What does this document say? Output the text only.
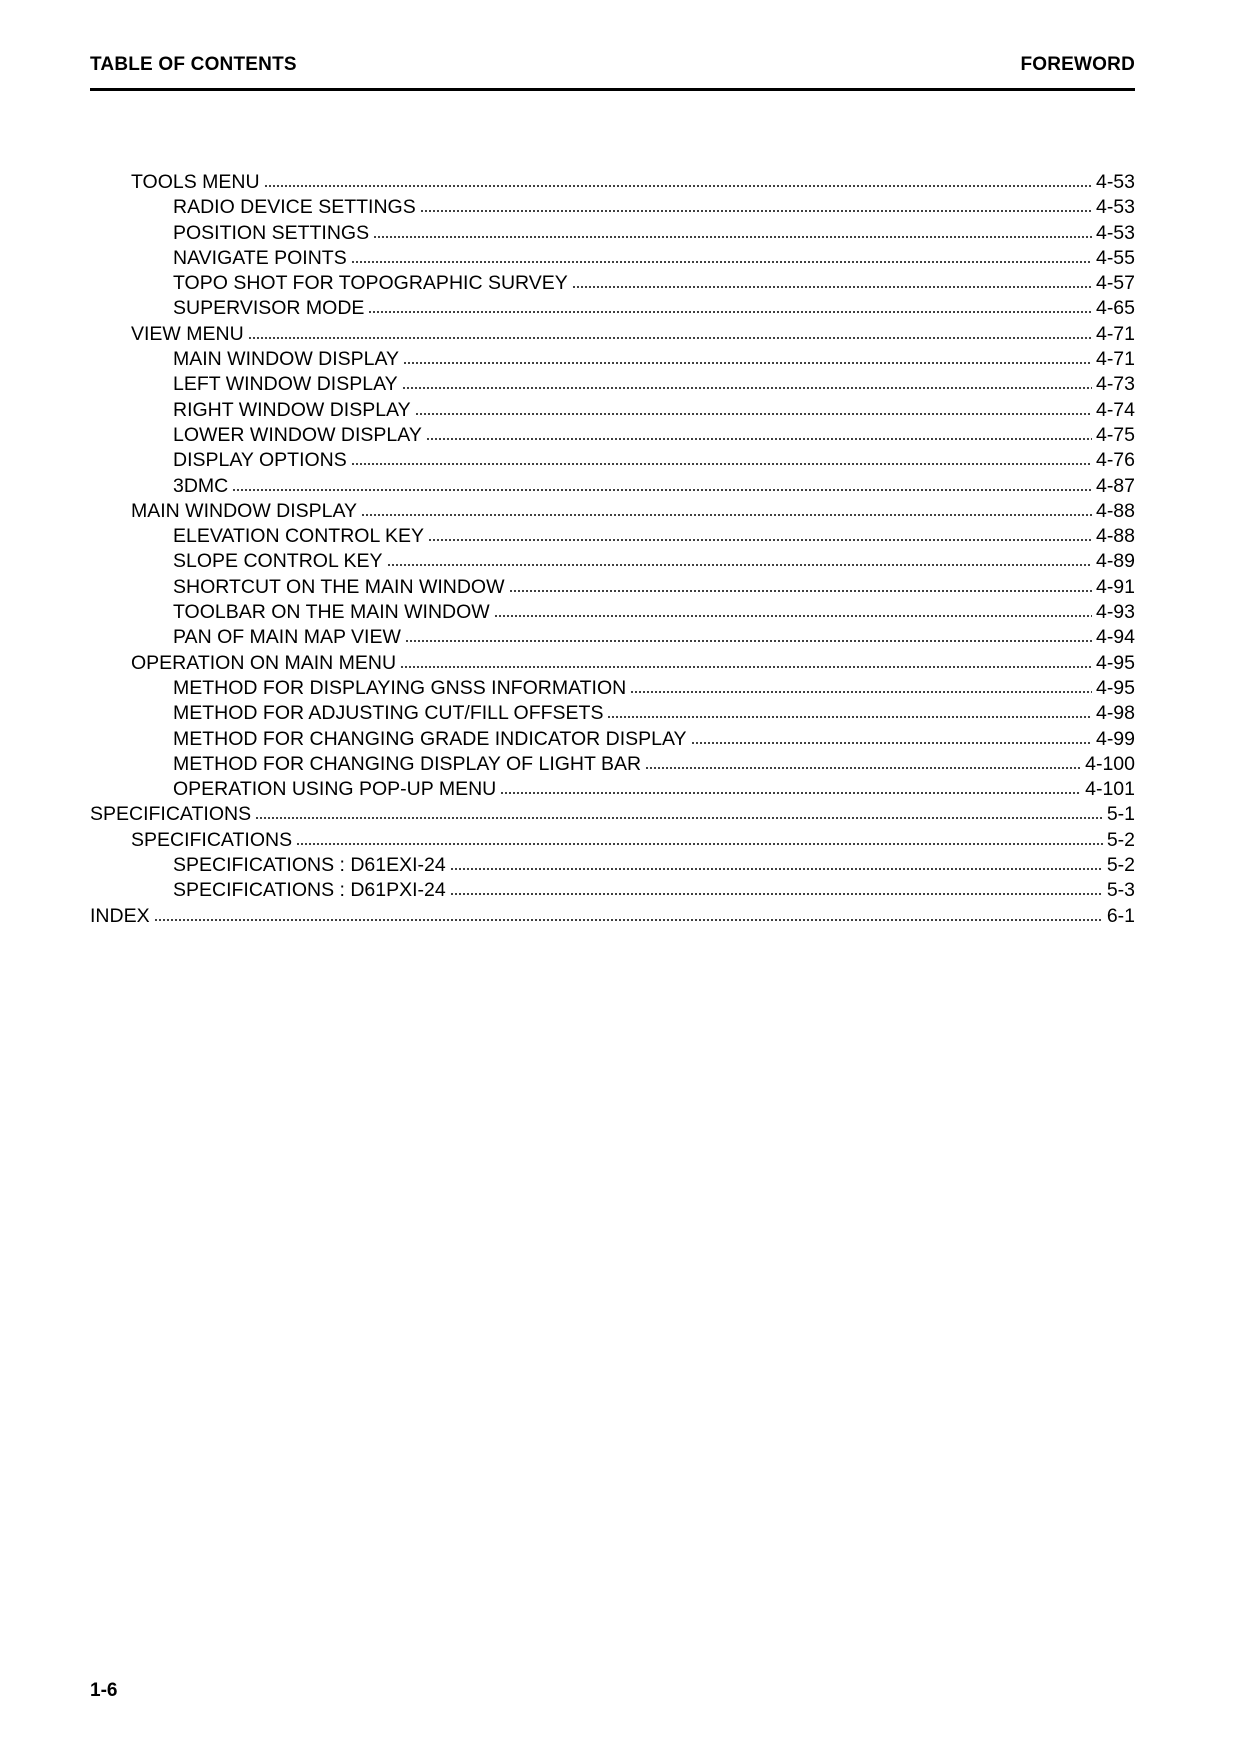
TABLE OF CONTENTS	FOREWORD
TOOLS MENU	4-53
RADIO DEVICE SETTINGS	4-53
POSITION SETTINGS	4-53
NAVIGATE POINTS	4-55
TOPO SHOT FOR TOPOGRAPHIC SURVEY	4-57
SUPERVISOR MODE	4-65
VIEW MENU	4-71
MAIN WINDOW DISPLAY	4-71
LEFT WINDOW DISPLAY	4-73
RIGHT WINDOW DISPLAY	4-74
LOWER WINDOW DISPLAY	4-75
DISPLAY OPTIONS	4-76
3DMC	4-87
MAIN WINDOW DISPLAY	4-88
ELEVATION CONTROL KEY	4-88
SLOPE CONTROL KEY	4-89
SHORTCUT ON THE MAIN WINDOW	4-91
TOOLBAR ON THE MAIN WINDOW	4-93
PAN OF MAIN MAP VIEW	4-94
OPERATION ON MAIN MENU	4-95
METHOD FOR DISPLAYING GNSS INFORMATION	4-95
METHOD FOR ADJUSTING CUT/FILL OFFSETS	4-98
METHOD FOR CHANGING GRADE INDICATOR DISPLAY	4-99
METHOD FOR CHANGING DISPLAY OF LIGHT BAR	4-100
OPERATION USING POP-UP MENU	4-101
SPECIFICATIONS	5-1
SPECIFICATIONS	5-2
SPECIFICATIONS : D61EXI-24	5-2
SPECIFICATIONS : D61PXI-24	5-3
INDEX	6-1
1-6
